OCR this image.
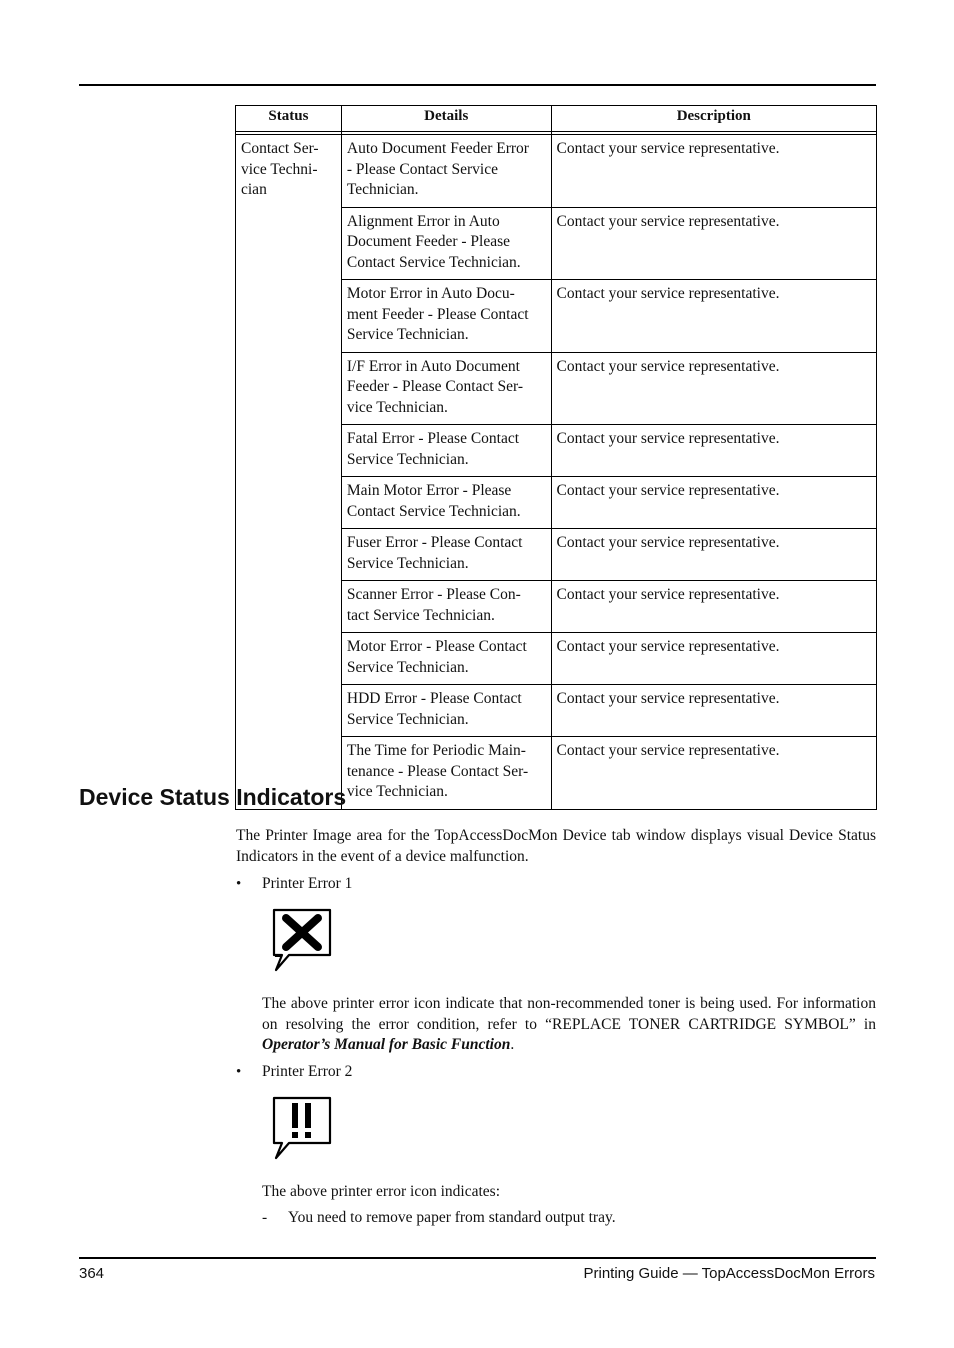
Status	Details	Description

Contact Ser-
vice Techni-
cian	Auto Document Feeder Error
- Please Contact Service
Technician.	Contact your service representative.
	Alignment Error in Auto
Document Feeder - Please
Contact Service Technician.	Contact your service representative.
	Motor Error in Auto Docu-
ment Feeder - Please Contact
Service Technician.	Contact your service representative.
	I/F Error in Auto Document
Feeder - Please Contact Ser-
vice Technician.	Contact your service representative.
	Fatal Error - Please Contact
Service Technician.	Contact your service representative.
	Main Motor Error - Please
Contact Service Technician.	Contact your service representative.
	Fuser Error - Please Contact
Service Technician.	Contact your service representative.
	Scanner Error - Please Con-
tact Service Technician.	Contact your service representative.
	Motor Error - Please Contact
Service Technician.	Contact your service representative.
	HDD Error - Please Contact
Service Technician.	Contact your service representative.
	The Time for Periodic Main-
tenance - Please Contact Ser-
vice Technician.	Contact your service representative.
Device Status Indicators

The Printer Image area for the TopAccessDocMon Device tab window displays visual Device Status Indicators in the event of a device malfunction.

• Printer Error 1

The above printer error icon indicate that non-recommended toner is being used. For information on resolving the error condition, refer to “REPLACE TONER CARTRIDGE SYMBOL” in Operator’s Manual for Basic Function.

• Printer Error 2

The above printer error icon indicates:

- You need to remove paper from standard output tray.
364	Printing Guide — TopAccessDocMon Errors
